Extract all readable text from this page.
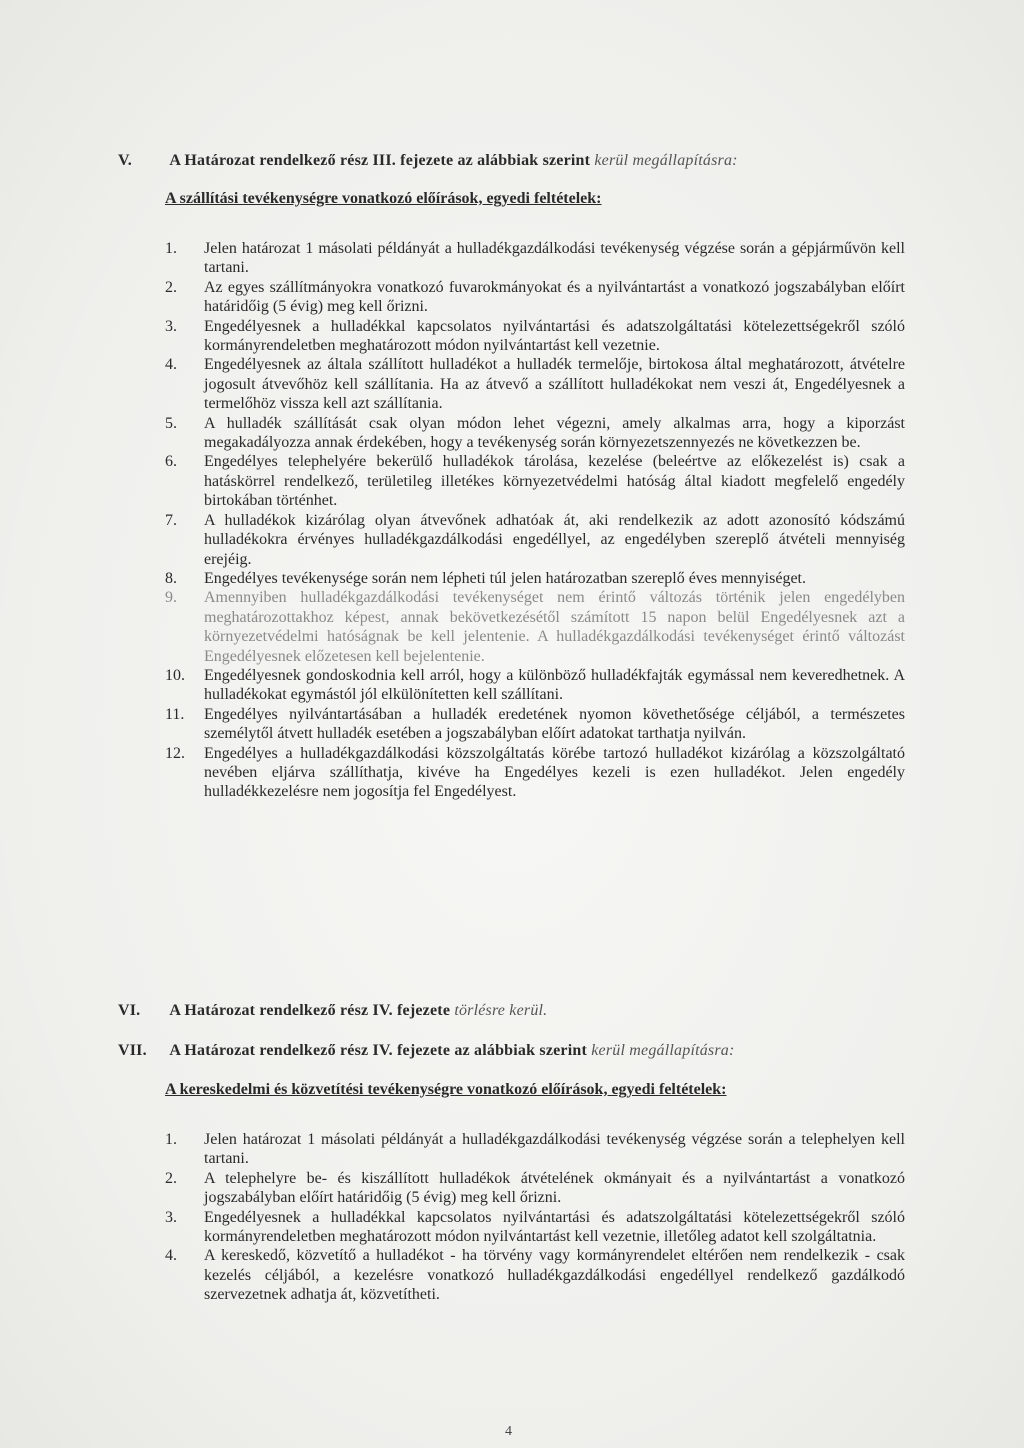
V. A Határozat rendelkező rész III. fejezete az alábbiak szerint kerül megállapításra:
A szállítási tevékenységre vonatkozó előírások, egyedi feltételek:
1.	Jelen határozat 1 másolati példányát a hulladékgazdálkodási tevékenység végzése során a gépjárművön kell tartani.
2.	Az egyes szállítmányokra vonatkozó fuvarokmányokat és a nyilvántartást a vonatkozó jogszabályban előírt határidőig (5 évig) meg kell őrizni.
3.	Engedélyesnek a hulladékkal kapcsolatos nyilvántartási és adatszolgáltatási kötelezettségekről szóló kormányrendeletben meghatározott módon nyilvántartást kell vezetnie.
4.	Engedélyesnek az általa szállított hulladékot a hulladék termelője, birtokosa által meghatározott, átvételre jogosult átvevőhöz kell szállítania. Ha az átvevő a szállított hulladékokat nem veszi át, Engedélyesnek a termelőhöz vissza kell azt szállítania.
5.	A hulladék szállítását csak olyan módon lehet végezni, amely alkalmas arra, hogy a kiporzást megakadályozza annak érdekében, hogy a tevékenység során környezetszennyezés ne következzen be.
6.	Engedélyes telephelyére bekerülő hulladékok tárolása, kezelése (beleértve az előkezelést is) csak a hatáskörrel rendelkező, területileg illetékes környezetvédelmi hatóság által kiadott megfelelő engedély birtokában történhet.
7.	A hulladékok kizárólag olyan átvevőnek adhatóak át, aki rendelkezik az adott azonosító kódszámú hulladékokra érvényes hulladékgazdálkodási engedéllyel, az engedélyben szereplő átvételi mennyiség erejéig.
8.	Engedélyes tevékenysége során nem lépheti túl jelen határozatban szereplő éves mennyiséget.
9.	Amennyiben hulladékgazdálkodási tevékenységet nem érintő változás történik jelen engedélyben meghatározottakhoz képest, annak bekövetkezésétől számított 15 napon belül Engedélyesnek azt a környezetvédelmi hatóságnak be kell jelentenie. A hulladékgazdálkodási tevékenységet érintő változást Engedélyesnek előzetesen kell bejelentenie.
10.	Engedélyesnek gondoskodnia kell arról, hogy a különböző hulladékfajták egymással nem keveredhetnek. A hulladékokat egymástól jól elkülönítetten kell szállítani.
11.	Engedélyes nyilvántartásában a hulladék eredetének nyomon követhetősége céljából, a természetes személytől átvett hulladék esetében a jogszabályban előírt adatokat tarthatja nyilván.
12.	Engedélyes a hulladékgazdálkodási közszolgáltatás körébe tartozó hulladékot kizárólag a közszolgáltató nevében eljárva szállíthatja, kivéve ha Engedélyes kezeli is ezen hulladékot. Jelen engedély hulladékkezelésre nem jogosítja fel Engedélyest.
VI. A Határozat rendelkező rész IV. fejezete törlésre kerül.
VII. A Határozat rendelkező rész IV. fejezete az alábbiak szerint kerül megállapításra:
A kereskedelmi és közvetítési tevékenységre vonatkozó előírások, egyedi feltételek:
1.	Jelen határozat 1 másolati példányát a hulladékgazdálkodási tevékenység végzése során a telephelyen kell tartani.
2.	A telephelyre be- és kiszállított hulladékok átvételének okmányait és a nyilvántartást a vonatkozó jogszabályban előírt határidőig (5 évig) meg kell őrizni.
3.	Engedélyesnek a hulladékkal kapcsolatos nyilvántartási és adatszolgáltatási kötelezettségekről szóló kormányrendeletben meghatározott módon nyilvántartást kell vezetnie, illetőleg adatot kell szolgáltatnia.
4.	A kereskedő, közvetítő a hulladékot - ha törvény vagy kormányrendelet eltérően nem rendelkezik - csak kezelés céljából, a kezelésre vonatkozó hulladékgazdálkodási engedéllyel rendelkező gazdálkodó szervezetnek adhatja át, közvetítheti.
4
